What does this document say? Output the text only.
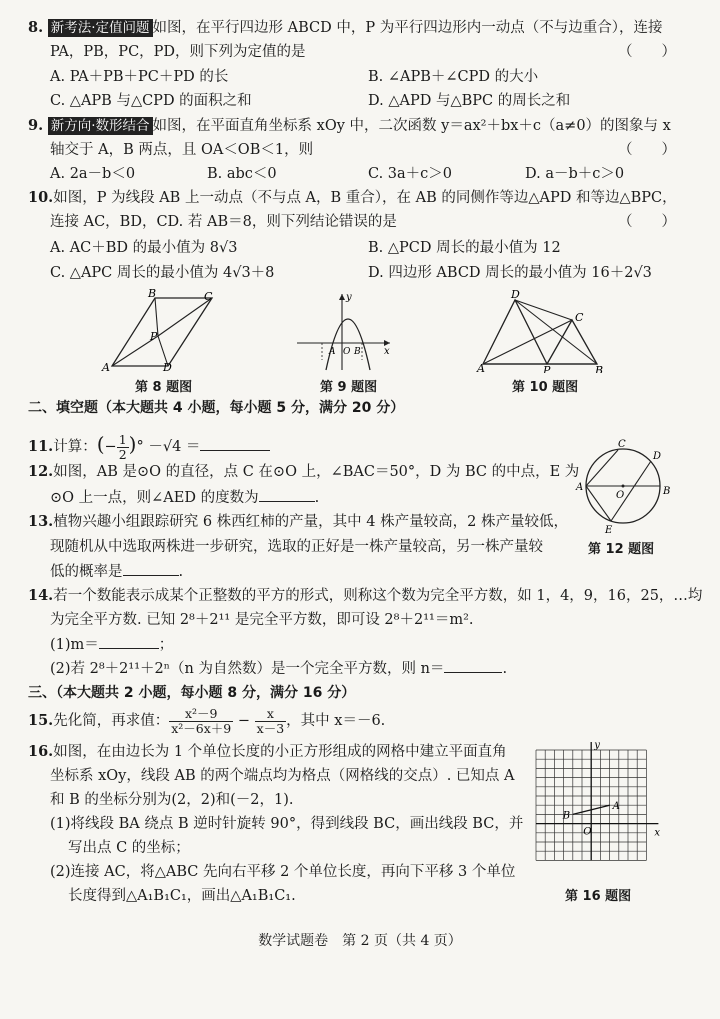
8. 新考法·定值问题 如图，在平行四边形 ABCD 中，P 为平行四边形内一动点（不与边重合），连接
PA，PB，PC，PD，则下列为定值的是	（　　）
A. PA＋PB＋PC＋PD 的长	B. ∠APB＋∠CPD 的大小
C. △APB 与△CPD 的面积之和	D. △APD 与△BPC 的周长之和
9. 新方向·数形结合 如图，在平面直角坐标系 xOy 中，二次函数 y＝ax²＋bx＋c（a≠0）的图象与 x
轴交于 A，B 两点，且 OA＜OB＜1，则	（　　）
A. 2a－b＜0	B. abc＜0	C. 3a＋c＞0	D. a－b＋c＞0
10.如图，P 为线段 AB 上一动点（不与点 A，B 重合），在 AB 的同侧作等边△APD 和等边△BPC，
连接 AC，BD，CD. 若 AB＝8，则下列结论错误的是	（　　）
A. AC＋BD 的最小值为 8√3	B. △PCD 周长的最小值为 12
C. △APC 周长的最小值为 4√3＋8	D. 四边形 ABCD 周长的最小值为 16＋2√3
B	C
A	D
P
第 8 题图
y
x
A O B
第 9 题图
D
C
A	P	B
第 10 题图
二、填空题（本大题共 4 小题，每小题 5 分，满分 20 分）
11.计算：(− $\frac{1}{2}$ )° －√4 ＝
12.如图，AB 是⊙O 的直径，点 C 在⊙O 上，∠BAC＝50°，D 为 BC 的中点，E 为
⊙O 上一点，则∠AED 的度数为	.
C
D
A	B
O
E
第 12 题图
13.植物兴趣小组跟踪研究 6 株西红柿的产量，其中 4 株产量较高，2 株产量较低，
现随机从中选取两株进一步研究，选取的正好是一株产量较高，另一株产量较
低的概率是	.
14.若一个数能表示成某个正整数的平方的形式，则称这个数为完全平方数，如 1，4，9，16，25，…均
为完全平方数. 已知 2⁸＋2¹¹ 是完全平方数，即可设 2⁸＋2¹¹＝m².
(1)m＝	；
(2)若 2⁸＋2¹¹＋2ⁿ（n 为自然数）是一个完全平方数，则 n＝	.
三、（本大题共 2 小题，每小题 8 分，满分 16 分）
15.先化简，再求值： $\frac{\text{x²－9}}{\text{x²－6x＋9}} - \frac{x}{x-3}$ ，其中 x＝－6.
16.如图，在由边长为 1 个单位长度的小正方形组成的网格中建立平面直角
坐标系 xOy，线段 AB 的两个端点均为格点（网格线的交点）. 已知点 A
和 B 的坐标分别为(2，2)和(－2，1).
(1)将线段 BA 绕点 B 逆时针旋转 90°，得到线段 BC，画出线段 BC，并
写出点 C 的坐标；
(2)连接 AC，将△ABC 先向右平移 2 个单位长度，再向下平移 3 个单位
长度得到△A₁B₁C₁，画出△A₁B₁C₁.
A
B
O	x
y
第 16 题图
数学试题卷　第 2 页（共 4 页）
